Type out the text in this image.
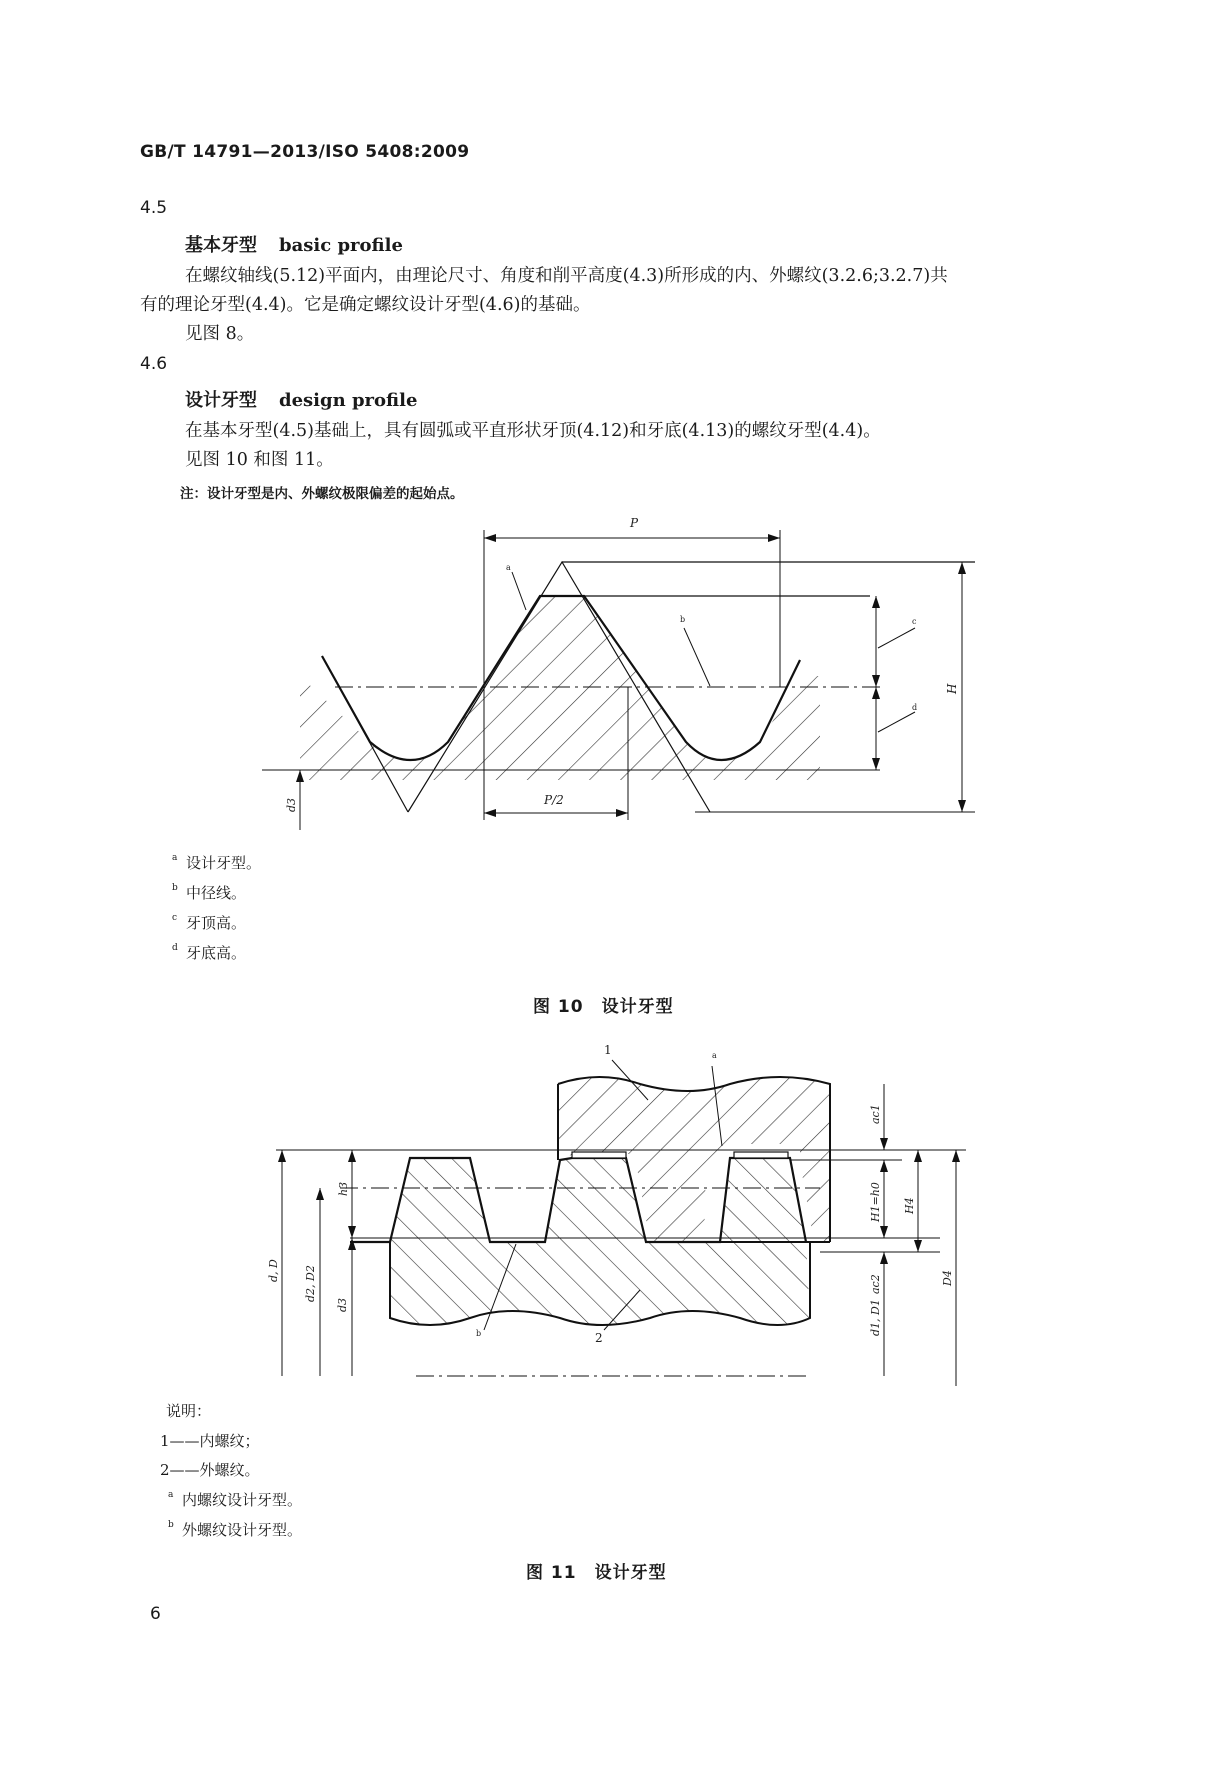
GB/T 14791—2013/ISO 5408:2009
4.5
基本牙型 basic profile
在螺纹轴线(5.12)平面内，由理论尺寸、角度和削平高度(4.3)所形成的内、外螺纹(3.2.6;3.2.7)共
有的理论牙型(4.4)。它是确定螺纹设计牙型(4.6)的基础。
见图 8。
4.6
设计牙型 design profile
在基本牙型(4.5)基础上，具有圆弧或平直形状牙顶(4.12)和牙底(4.13)的螺纹牙型(4.4)。
见图 10 和图 11。
注：设计牙型是内、外螺纹极限偏差的起始点。
P
P/2
H
d3
a
b	c
d
a 设计牙型。
b 中径线。
c 牙顶高。
d 牙底高。
图 10　设计牙型
1	a
2
b
h3
d, D d2, D2
d3
ac1
H1=h0 H4
ac2
d1, D1
D4
说明：
1——内螺纹；
2——外螺纹。
a 内螺纹设计牙型。
b 外螺纹设计牙型。
图 11　设计牙型
6
